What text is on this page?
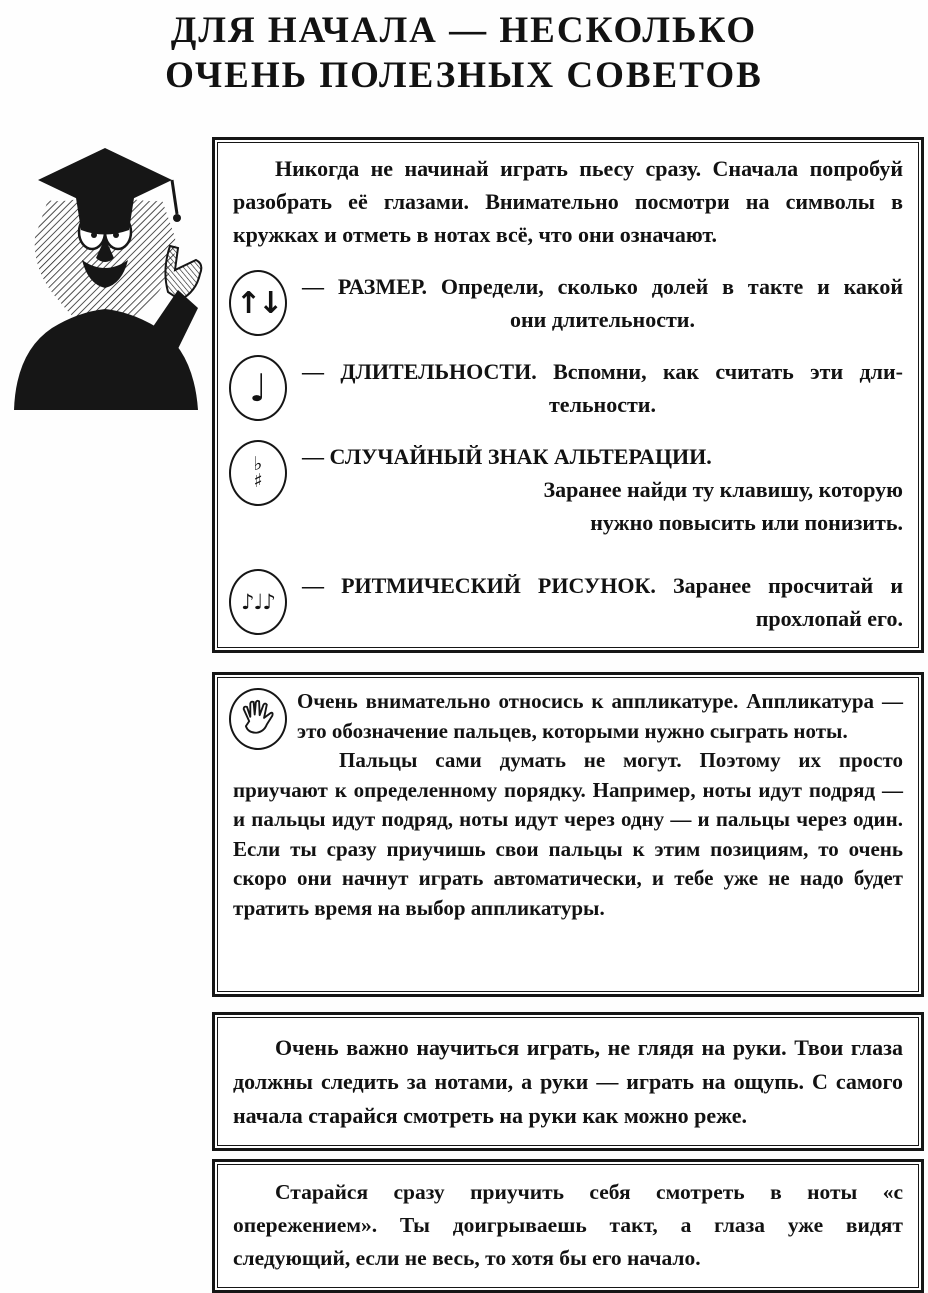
ДЛЯ НАЧАЛА — НЕСКОЛЬКО
ОЧЕНЬ ПОЛЕЗНЫХ СОВЕТОВ
Никогда не начинай играть пьесу сразу. Сначала попробуй разобрать её глазами. Внимательно посмотри на символы в кружках и отметь в нотах всё, что они означают.
↑↓ — РАЗМЕР. Определи, сколько долей в такте и какой
они длительности.
♩ — ДЛИТЕЛЬНОСТИ. Вспомни, как считать эти дли-
тельности.
♭
♯
— СЛУЧАЙНЫЙ ЗНАК АЛЬТЕРАЦИИ.
Заранее найди ту клавишу, которую
нужно повысить или понизить.
♪♩♪
— РИТМИЧЕСКИЙ РИСУНОК. Заранее просчитай и
прохлопай его.
Очень внимательно относись к аппликатуре. Аппликатура — это обозначение пальцев, которыми нужно сыграть ноты.
Пальцы сами думать не могут. Поэтому их просто приучают к определенному порядку. Например, ноты идут подряд — и пальцы идут подряд, ноты идут через одну — и пальцы через один. Если ты сразу приучишь свои пальцы к этим позициям, то очень скоро они начнут играть автоматически, и тебе уже не надо будет тратить время на выбор аппликатуры.
Очень важно научиться играть, не глядя на руки. Твои глаза должны следить за нотами, а руки — играть на ощупь. С самого начала старайся смотреть на руки как можно реже.
Старайся сразу приучить себя смотреть в ноты «с опережением». Ты доигрываешь такт, а глаза уже видят следующий, если не весь, то хотя бы его начало.
